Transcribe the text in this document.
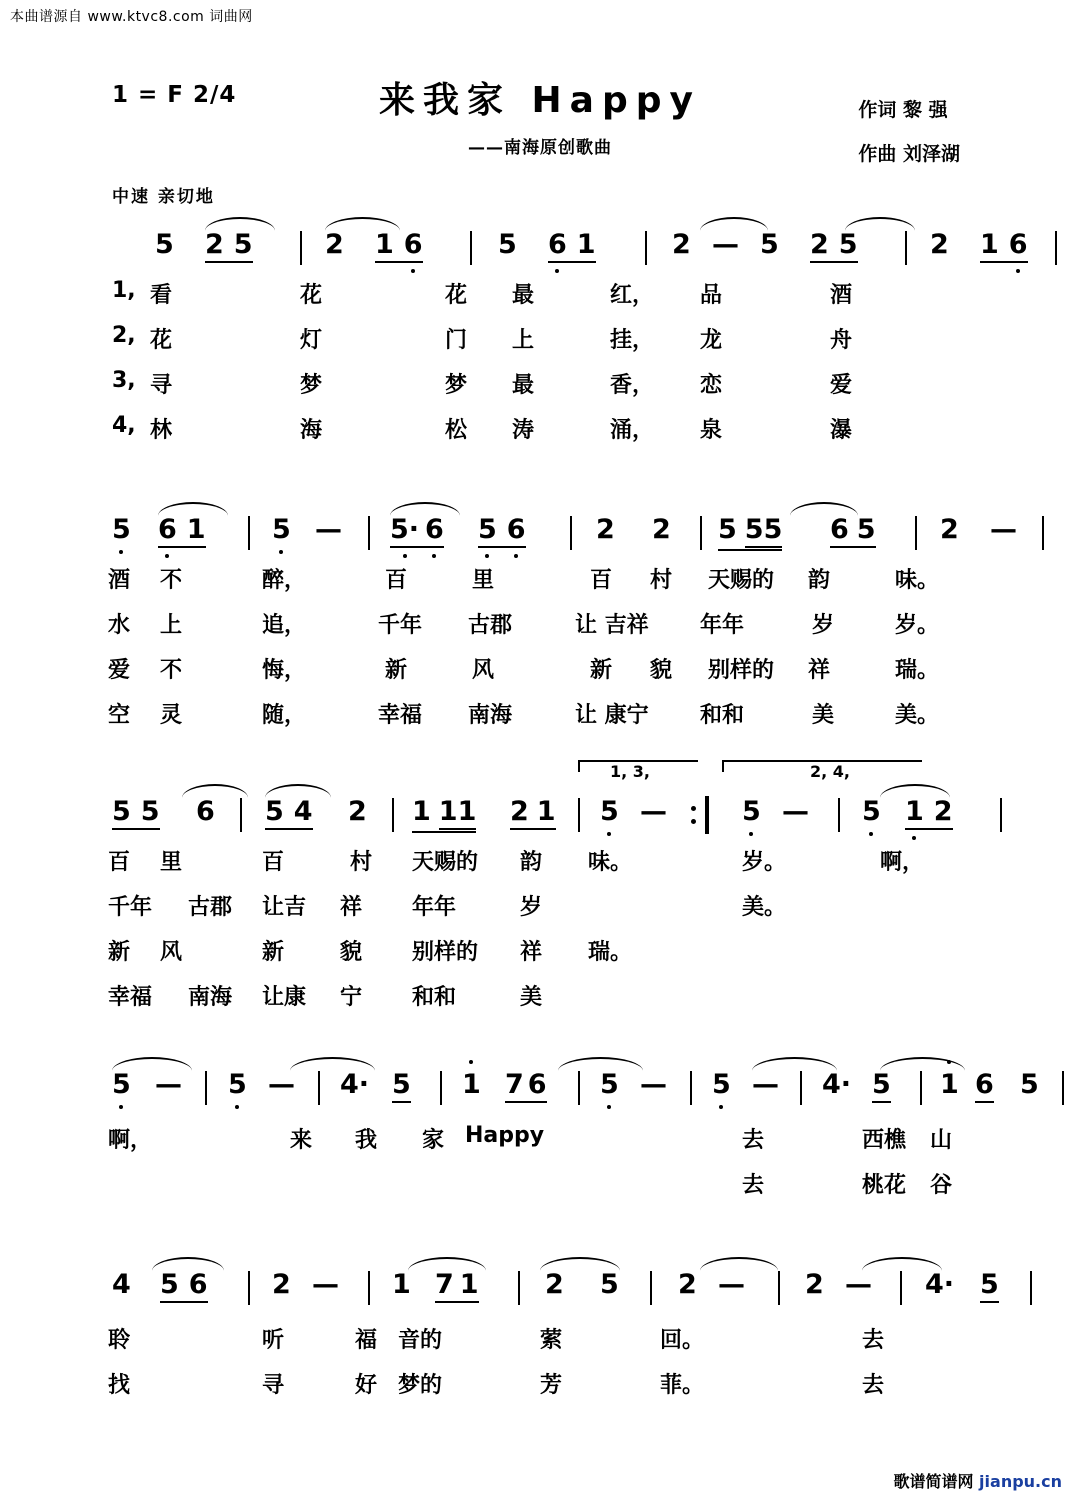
本曲谱源自 www.ktvc8.com 词曲网
1 = F 2/4	来我家 Happy
——南海原创歌曲
作词 黎 强
作曲 刘泽湖
中速 亲切地
5 2 5	2 1 6	5 6 1	2 — 5 2 5	2 1 6
1, 看	花	花 最	红， 品	酒
2, 花	灯	门 上	挂， 龙	舟
3, 寻	梦	梦 最	香， 恋	爱
4, 林	海	松 涛	涌， 泉	瀑
5 6 1 5 — 5· 6 5 6	2 2 5 55 6 5 2 —
酒 不	醉，	百	里	百 村 天赐的 韵	味。
水 上	追，	千年 古郡	让 吉祥 年年	岁	岁。
爱 不	悔，	新	风	新 貌 别样的 祥	瑞。
空 灵	随，	幸福 南海	让 康宁 和和	美	美。
1, 3,	2, 4,
5 5 6 5 4 2 1 11 2 1 5 —	5 — 5 1 2
百 里	百	村 天赐的 韵 味。	岁。	啊，
千年 古郡 让吉 祥 年年	岁	美。
新 风	新	貌 别样的 祥 瑞。
幸福 南海 让康 宁 和和	美
5 — 5 — 4· 5 1 7 6 5 — 5 — 4· 5 1 6 5
啊，	来 我 家 Happy	去	西樵 山
去	桃花 谷
4 5 6 2 — 1 7 1 2 5 2 — 2 — 4· 5
聆	听	福 音的	萦	回。	去
找	寻	好 梦的	芳	菲。	去
歌谱简谱网 jianpu.cn
